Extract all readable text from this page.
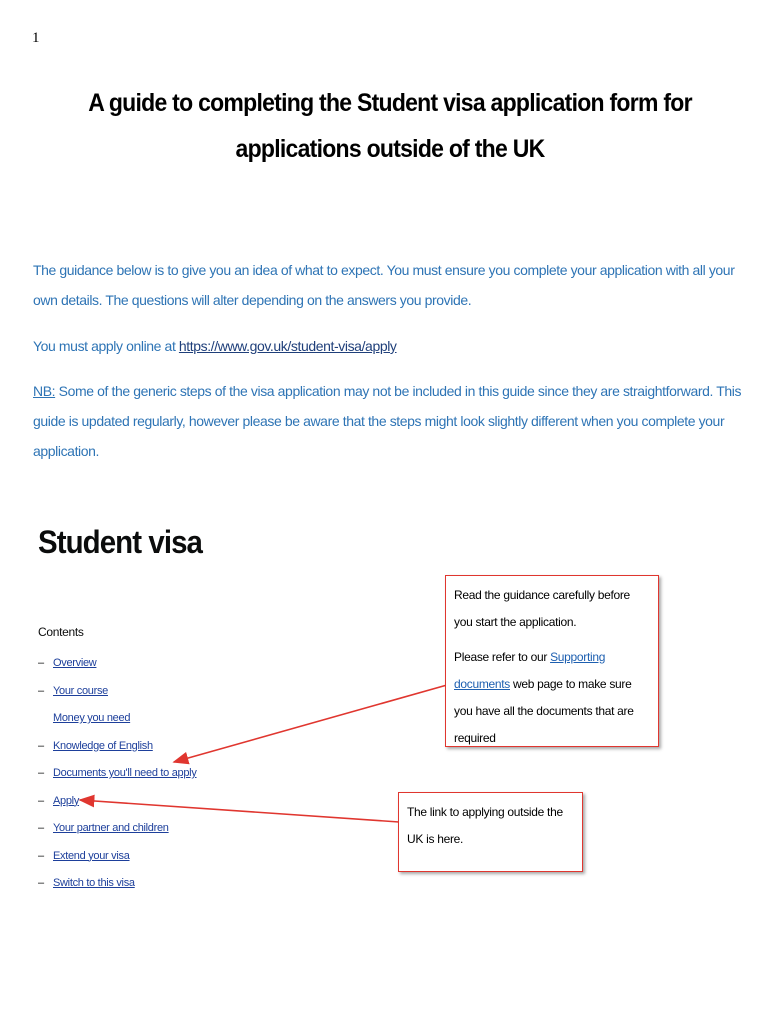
1
A guide to completing the Student visa application form for applications outside of the UK

The guidance below is to give you an idea of what to expect. You must ensure you complete your application with all your own details. The questions will alter depending on the answers you provide.

You must apply online at https://www.gov.uk/student-visa/apply

NB: Some of the generic steps of the visa application may not be included in this guide since they are straightforward. This guide is updated regularly, however please be aware that the steps might look slightly different when you complete your application.

Student visa
Contents
– Overview
– Your course
Money you need
– Knowledge of English
– Documents you'll need to apply
– Apply
– Your partner and children
– Extend your visa
– Switch to this visa

Read the guidance carefully before you start the application.

Please refer to our Supporting documents web page to make sure you have all the documents that are required

The link to applying outside the UK is here.
